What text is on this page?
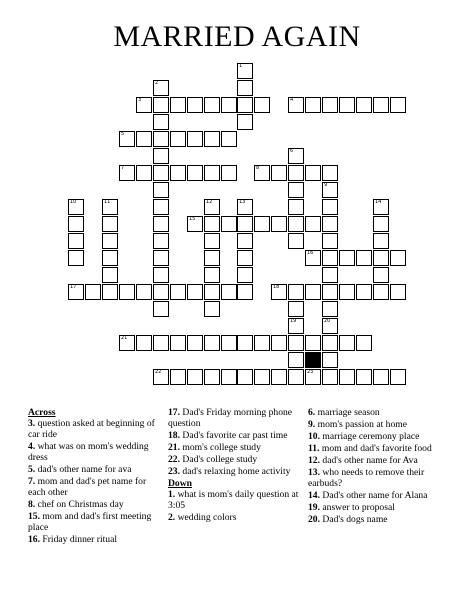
MARRIED AGAIN
1
2
3	4
5
6
7	8
9
10	11	12	13	14
15
16
17	18
19	20
21
22	23
Across
3. question asked at beginning of car ride
4. what was on mom's wedding dress
5. dad's other name for ava
7. mom and dad's pet name for each other
8. chef on Christmas day
15. mom and dad's first meeting place
16. Friday dinner ritual
17. Dad's Friday morning phone question
18. Dad's favorite car past time
21. mom's college study
22. Dad's college study
23. dad's relaxing home activity
Down
1. what is mom's daily question at 3:05
2. wedding colors
6. marriage season
9. mom's passion at home
10. marriage ceremony place
11. mom and dad's favorite food
12. dad's other name for Ava
13. who needs to remove their earbuds?
14. Dad's other name for Alana
19. answer to proposal
20. Dad's dogs name
